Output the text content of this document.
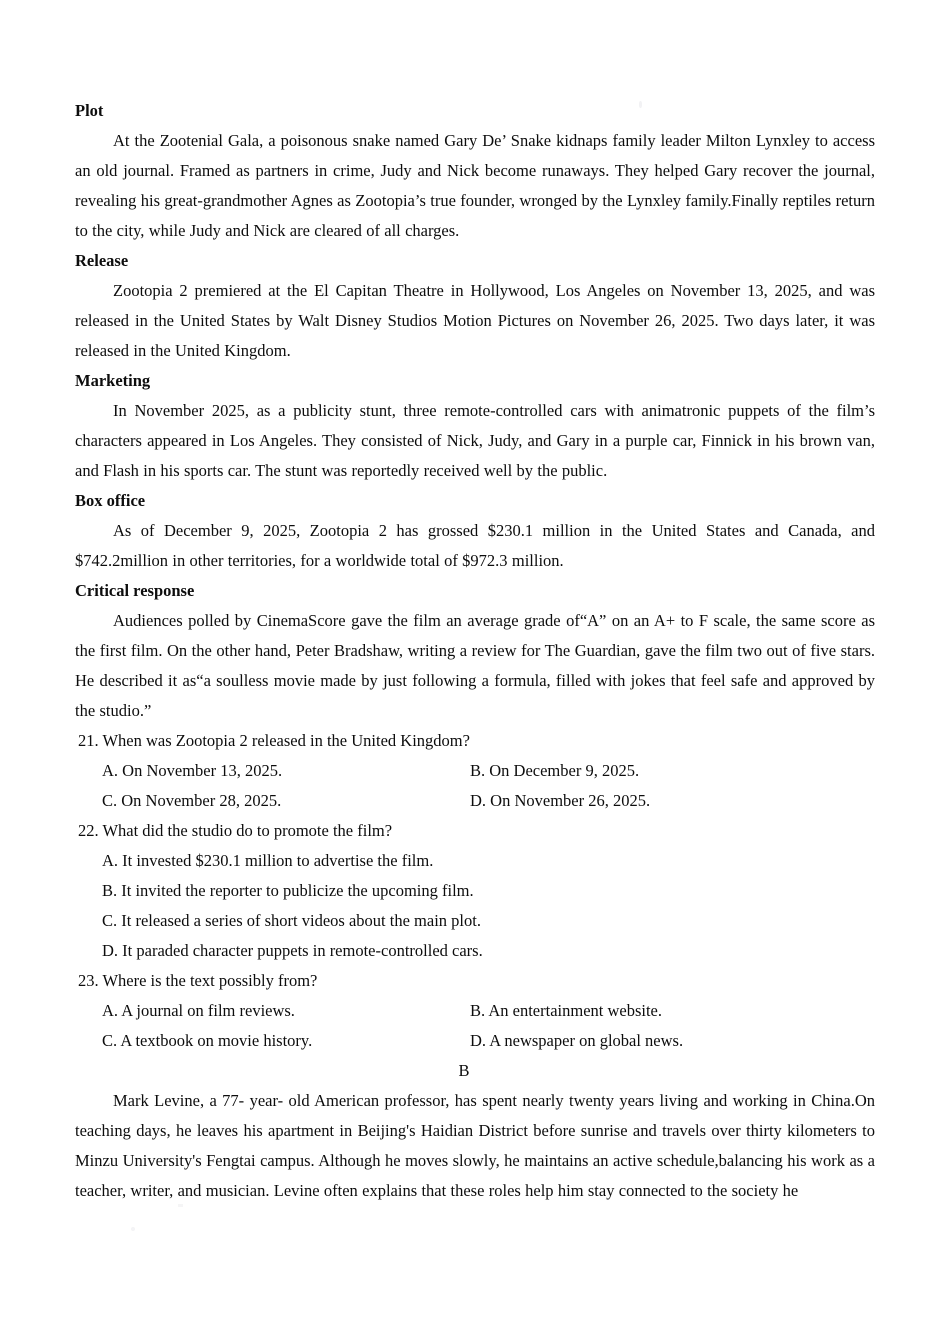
Plot

At the Zootenial Gala, a poisonous snake named Gary De’ Snake kidnaps family leader Milton Lynxley to access an old journal. Framed as partners in crime, Judy and Nick become runaways. They helped Gary recover the journal, revealing his great-grandmother Agnes as Zootopia’s true founder, wronged by the Lynxley family.Finally reptiles return to the city, while Judy and Nick are cleared of all charges.

Release

Zootopia 2 premiered at the El Capitan Theatre in Hollywood, Los Angeles on November 13, 2025, and was released in the United States by Walt Disney Studios Motion Pictures on November 26, 2025. Two days later, it was released in the United Kingdom.

Marketing

In November 2025, as a publicity stunt, three remote-controlled cars with animatronic puppets of the film’s characters appeared in Los Angeles. They consisted of Nick, Judy, and Gary in a purple car, Finnick in his brown van, and Flash in his sports car. The stunt was reportedly received well by the public.

Box office

As of December 9, 2025, Zootopia 2 has grossed $230.1 million in the United States and Canada, and $742.2million in other territories, for a worldwide total of $972.3 million.

Critical response

Audiences polled by CinemaScore gave the film an average grade of“A” on an A+ to F scale, the same score as the first film. On the other hand, Peter Bradshaw, writing a review for The Guardian, gave the film two out of five stars. He described it as“a soulless movie made by just following a formula, filled with jokes that feel safe and approved by the studio.”

21. When was Zootopia 2 released in the United Kingdom?

A. On November 13, 2025.	B. On December 9, 2025.
C. On November 28, 2025.	D. On November 26, 2025.

22. What did the studio do to promote the film?

A. It invested $230.1 million to advertise the film.
B. It invited the reporter to publicize the upcoming film.
C. It released a series of short videos about the main plot.
D. It paraded character puppets in remote-controlled cars.

23. Where is the text possibly from?

A. A journal on film reviews.	B. An entertainment website.
C. A textbook on movie history.	D. A newspaper on global news.

B

Mark Levine, a 77- year- old American professor, has spent nearly twenty years living and working in China.On teaching days, he leaves his apartment in Beijing's Haidian District before sunrise and travels over thirty kilometers to Minzu University's Fengtai campus. Although he moves slowly, he maintains an active schedule,balancing his work as a teacher, writer, and musician. Levine often explains that these roles help him stay connected to the society he
